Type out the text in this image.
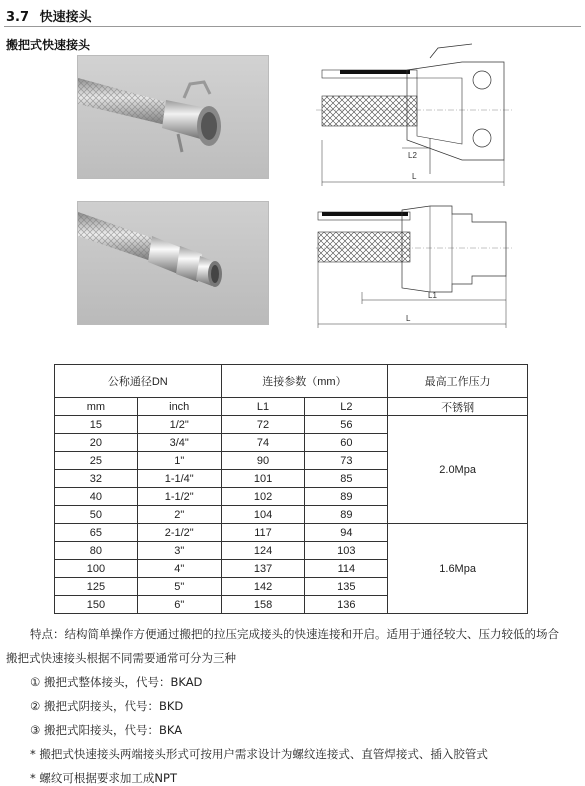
3.7 快速接头
搬把式快速接头
L2
L
L1
L
公称通径DN		连接参数（mm）		最高工作压力
mm	inch	L1	L2	不锈钢
15	1/2"	72	56	2.0Mpa
20	3/4"	74	60	
25	1"	90	73	
32	1-1/4"	101	85	
40	1-1/2"	102	89	
50	2"	104	89	
65	2-1/2"	117	94	1.6Mpa
80	3"	124	103	
100	4"	137	114	
125	5"	142	135	
150	6"	158	136	
特点：结构简单操作方便通过搬把的拉压完成接头的快速连接和开启。适用于通径较大、压力较低的场合
搬把式快速接头根据不同需要通常可分为三种
① 搬把式整体接头，代号：BKAD
② 搬把式阴接头，代号：BKD
③ 搬把式阳接头，代号：BKA
* 搬把式快速接头两端接头形式可按用户需求设计为螺纹连接式、直管焊接式、插入胶管式
* 螺纹可根据要求加工成NPT
